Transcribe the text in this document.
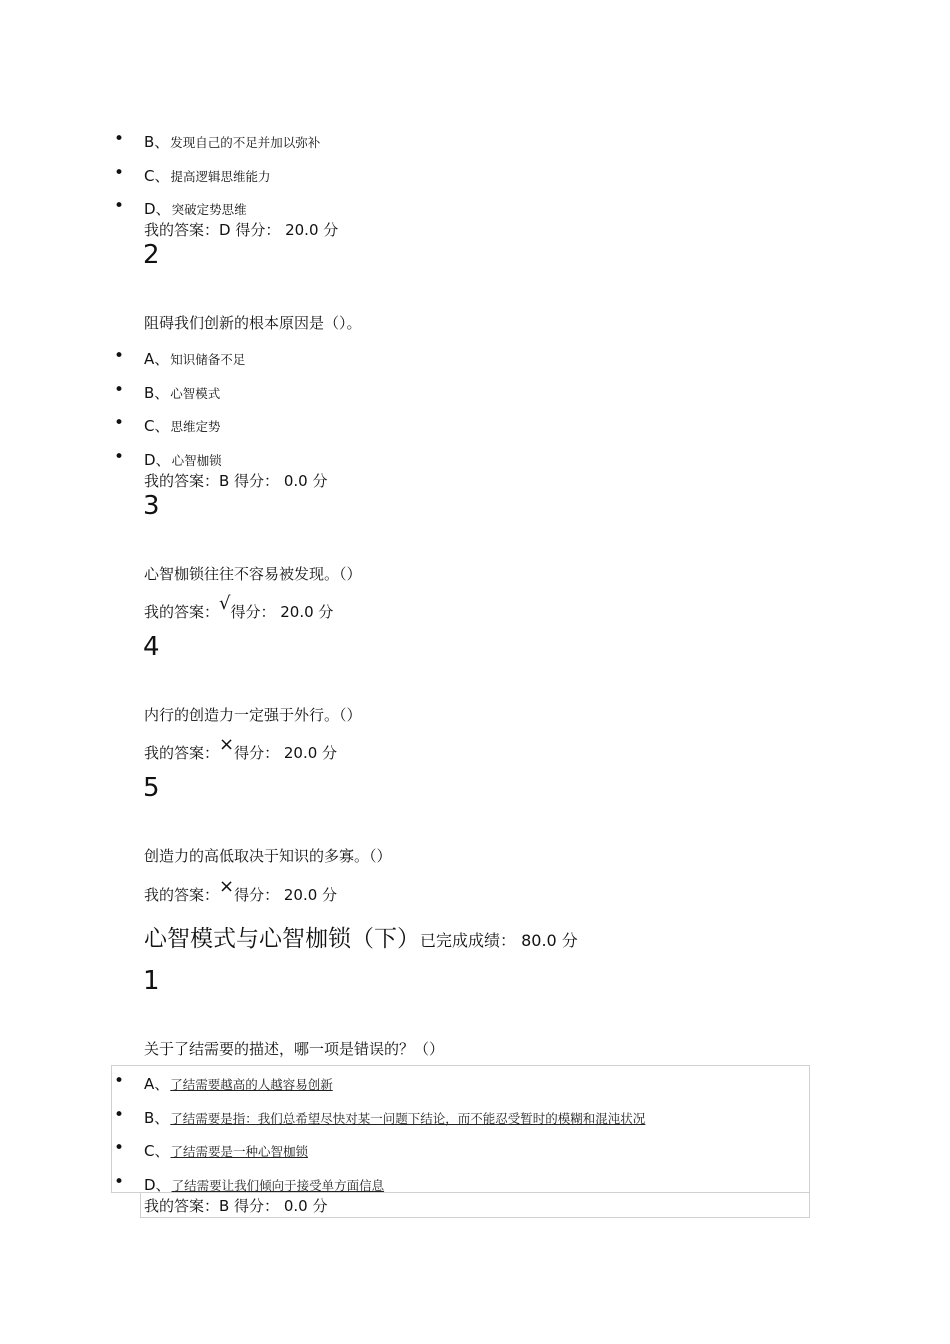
• B、发现自己的不足并加以弥补
• C、提高逻辑思维能力
• D、突破定势思维
我的答案：D 得分： 20.0 分
2
阻碍我们创新的根本原因是（）。
• A、知识储备不足
• B、心智模式
• C、思维定势
• D、心智枷锁
我的答案：B 得分： 0.0 分
3
心智枷锁往往不容易被发现。（）
我的答案：√得分： 20.0 分
4
内行的创造力一定强于外行。（）
我的答案：×得分： 20.0 分
5
创造力的高低取决于知识的多寡。（）
我的答案：×得分： 20.0 分
心智模式与心智枷锁（下）已完成成绩： 80.0 分
1
关于了结需要的描述，哪一项是错误的？（）
• A、了结需要越高的人越容易创新
• B、了结需要是指：我们总希望尽快对某一问题下结论，而不能忍受暂时的模糊和混沌状况
• C、了结需要是一种心智枷锁
• D、了结需要让我们倾向于接受单方面信息
我的答案：B 得分： 0.0 分
